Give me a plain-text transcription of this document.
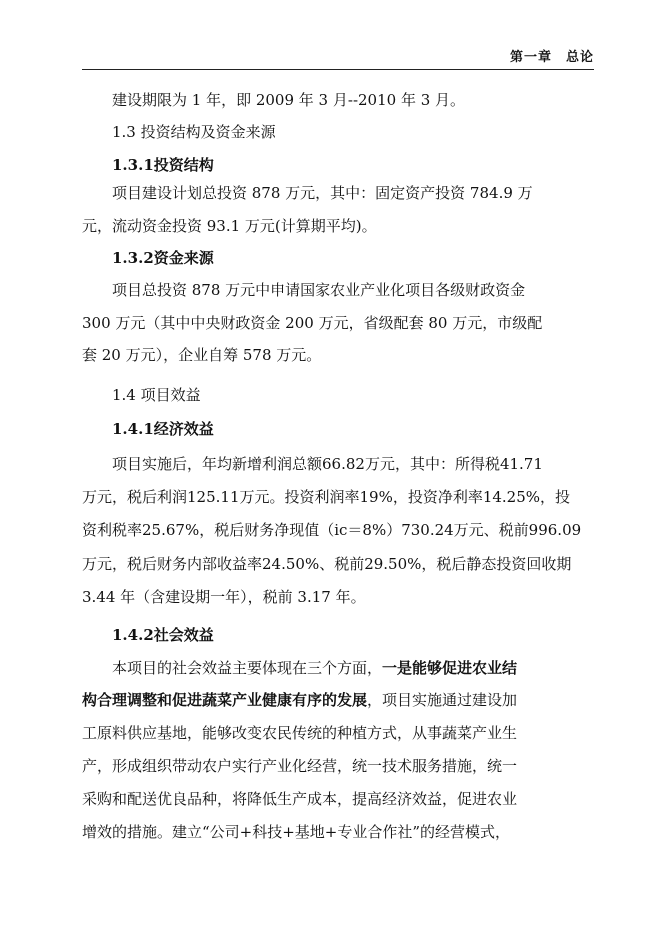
第一章　总论

建设期限为 1 年，即 2009 年 3 月--2010 年 3 月。

1.3 投资结构及资金来源

1.3.1投资结构

项目建设计划总投资 878 万元，其中：固定资产投资 784.9 万

元，流动资金投资 93.1 万元(计算期平均)。

1.3.2资金来源

项目总投资 878 万元中申请国家农业产业化项目各级财政资金

300 万元（其中中央财政资金 200 万元，省级配套 80 万元，市级配

套 20 万元），企业自筹 578 万元。

1.4 项目效益

1.4.1经济效益

项目实施后，年均新增利润总额66.82万元，其中：所得税41.71

万元，税后利润125.11万元。投资利润率19%，投资净利率14.25%，投

资利税率25.67%，税后财务净现值（ic＝8%）730.24万元、税前996.09

万元，税后财务内部收益率24.50%、税前29.50%，税后静态投资回收期

3.44 年（含建设期一年），税前 3.17 年。

1.4.2社会效益

本项目的社会效益主要体现在三个方面，一是能够促进农业结

构合理调整和促进蔬菜产业健康有序的发展，项目实施通过建设加

工原料供应基地，能够改变农民传统的种植方式，从事蔬菜产业生

产，形成组织带动农户实行产业化经营，统一技术服务措施，统一

采购和配送优良品种，将降低生产成本，提高经济效益，促进农业

增效的措施。建立“公司+科技+基地+专业合作社”的经营模式，
